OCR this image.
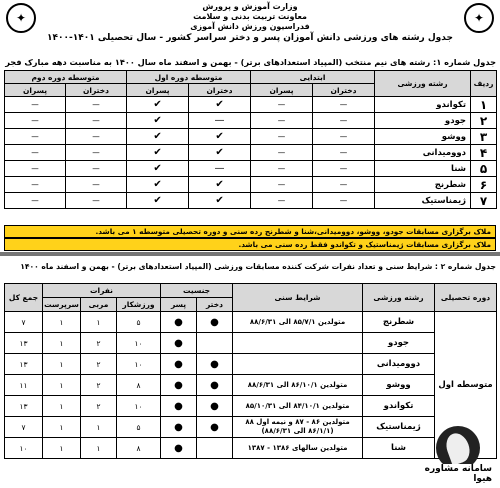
✦
✦
وزارت آموزش و پرورش
معاونت تربیت بدنی و سلامت
فدراسیون ورزش دانش آموزی
جدول رشته های ورزشی دانش آموزان پسر و دختر سراسر کشور - سال تحصیلی ۱۴۰۱-۱۴۰۰
جدول شماره ۱: رشته های نیم منتخب (المپیاد استعدادهای برتر) - بهمن و اسفند ماه سال ۱۴۰۰ به مناسبت دهه مبارک فجر
ردیف	رشته ورزشی	ابتدایی		متوسطه دوره اول		متوسطه دوره دوم	
		دختران	پسران	دختران	پسران	دختران	پسران
۱	تکواندو	—	—	✔	✔	—	—
۲	جودو	—	—	—	✔	—	—
۳	ووشو	—	—	✔	✔	—	—
۴	دوومیدانی	—	—	✔	✔	—	—
۵	شنا	—	—	—	✔	—	—
۶	شطرنج	—	—	✔	✔	—	—
۷	ژیمناستیک	—	—	✔	✔	—	—
ملاک برگزاری مسابقات جودو، ووشو، دوومیدانی،شنا و شطرنج رده سنی و دوره تحصیلی متوسطه ۱ می باشد.
ملاک برگزاری مسابقات ژیمناستیک و تکواندو فقط رده سنی می باشد.
جدول شماره ۲ : شرایط سنی و تعداد نفرات شرکت کننده مسابقات ورزشی (المپیاد استعدادهای برتر) - بهمن و اسفند ماه ۱۴۰۰
دوره تحصیلی	رشته ورزشی	شرایط سنی	جنسیت		نفرات			جمع کل
			دختر	پسر	ورزشکار	مربی	سرپرست	
متوسطه اول	شطرنج	متولدین ۸۵/۷/۱ الی ۸۸/۶/۳۱	●	●	۵	۱	۱	۷
	جودو			●	۱۰	۲	۱	۱۳
	دوومیدانی		●	●	۱۰	۲	۱	۱۳
	ووشو	متولدین ۸۶/۱۰/۱ الی ۸۸/۶/۳۱	●	●	۸	۲	۱	۱۱
	تکواندو	متولدین ۸۴/۱۰/۱ الی ۸۵/۱۰/۳۱	●	●	۱۰	۲	۱	۱۳
	ژیمناستیک	متولدین ۸۶ - ۸۷ و نیمه اول ۸۸ (۸۶/۱/۱ الی ۸۸/۶/۳۱)	●	●	۵	۱	۱	۷
	شنا	متولدین سالهای ۱۳۸۶ - ۱۳۸۷		●	۸	۱	۱	۱۰
سامانه مشاوره هیوا
